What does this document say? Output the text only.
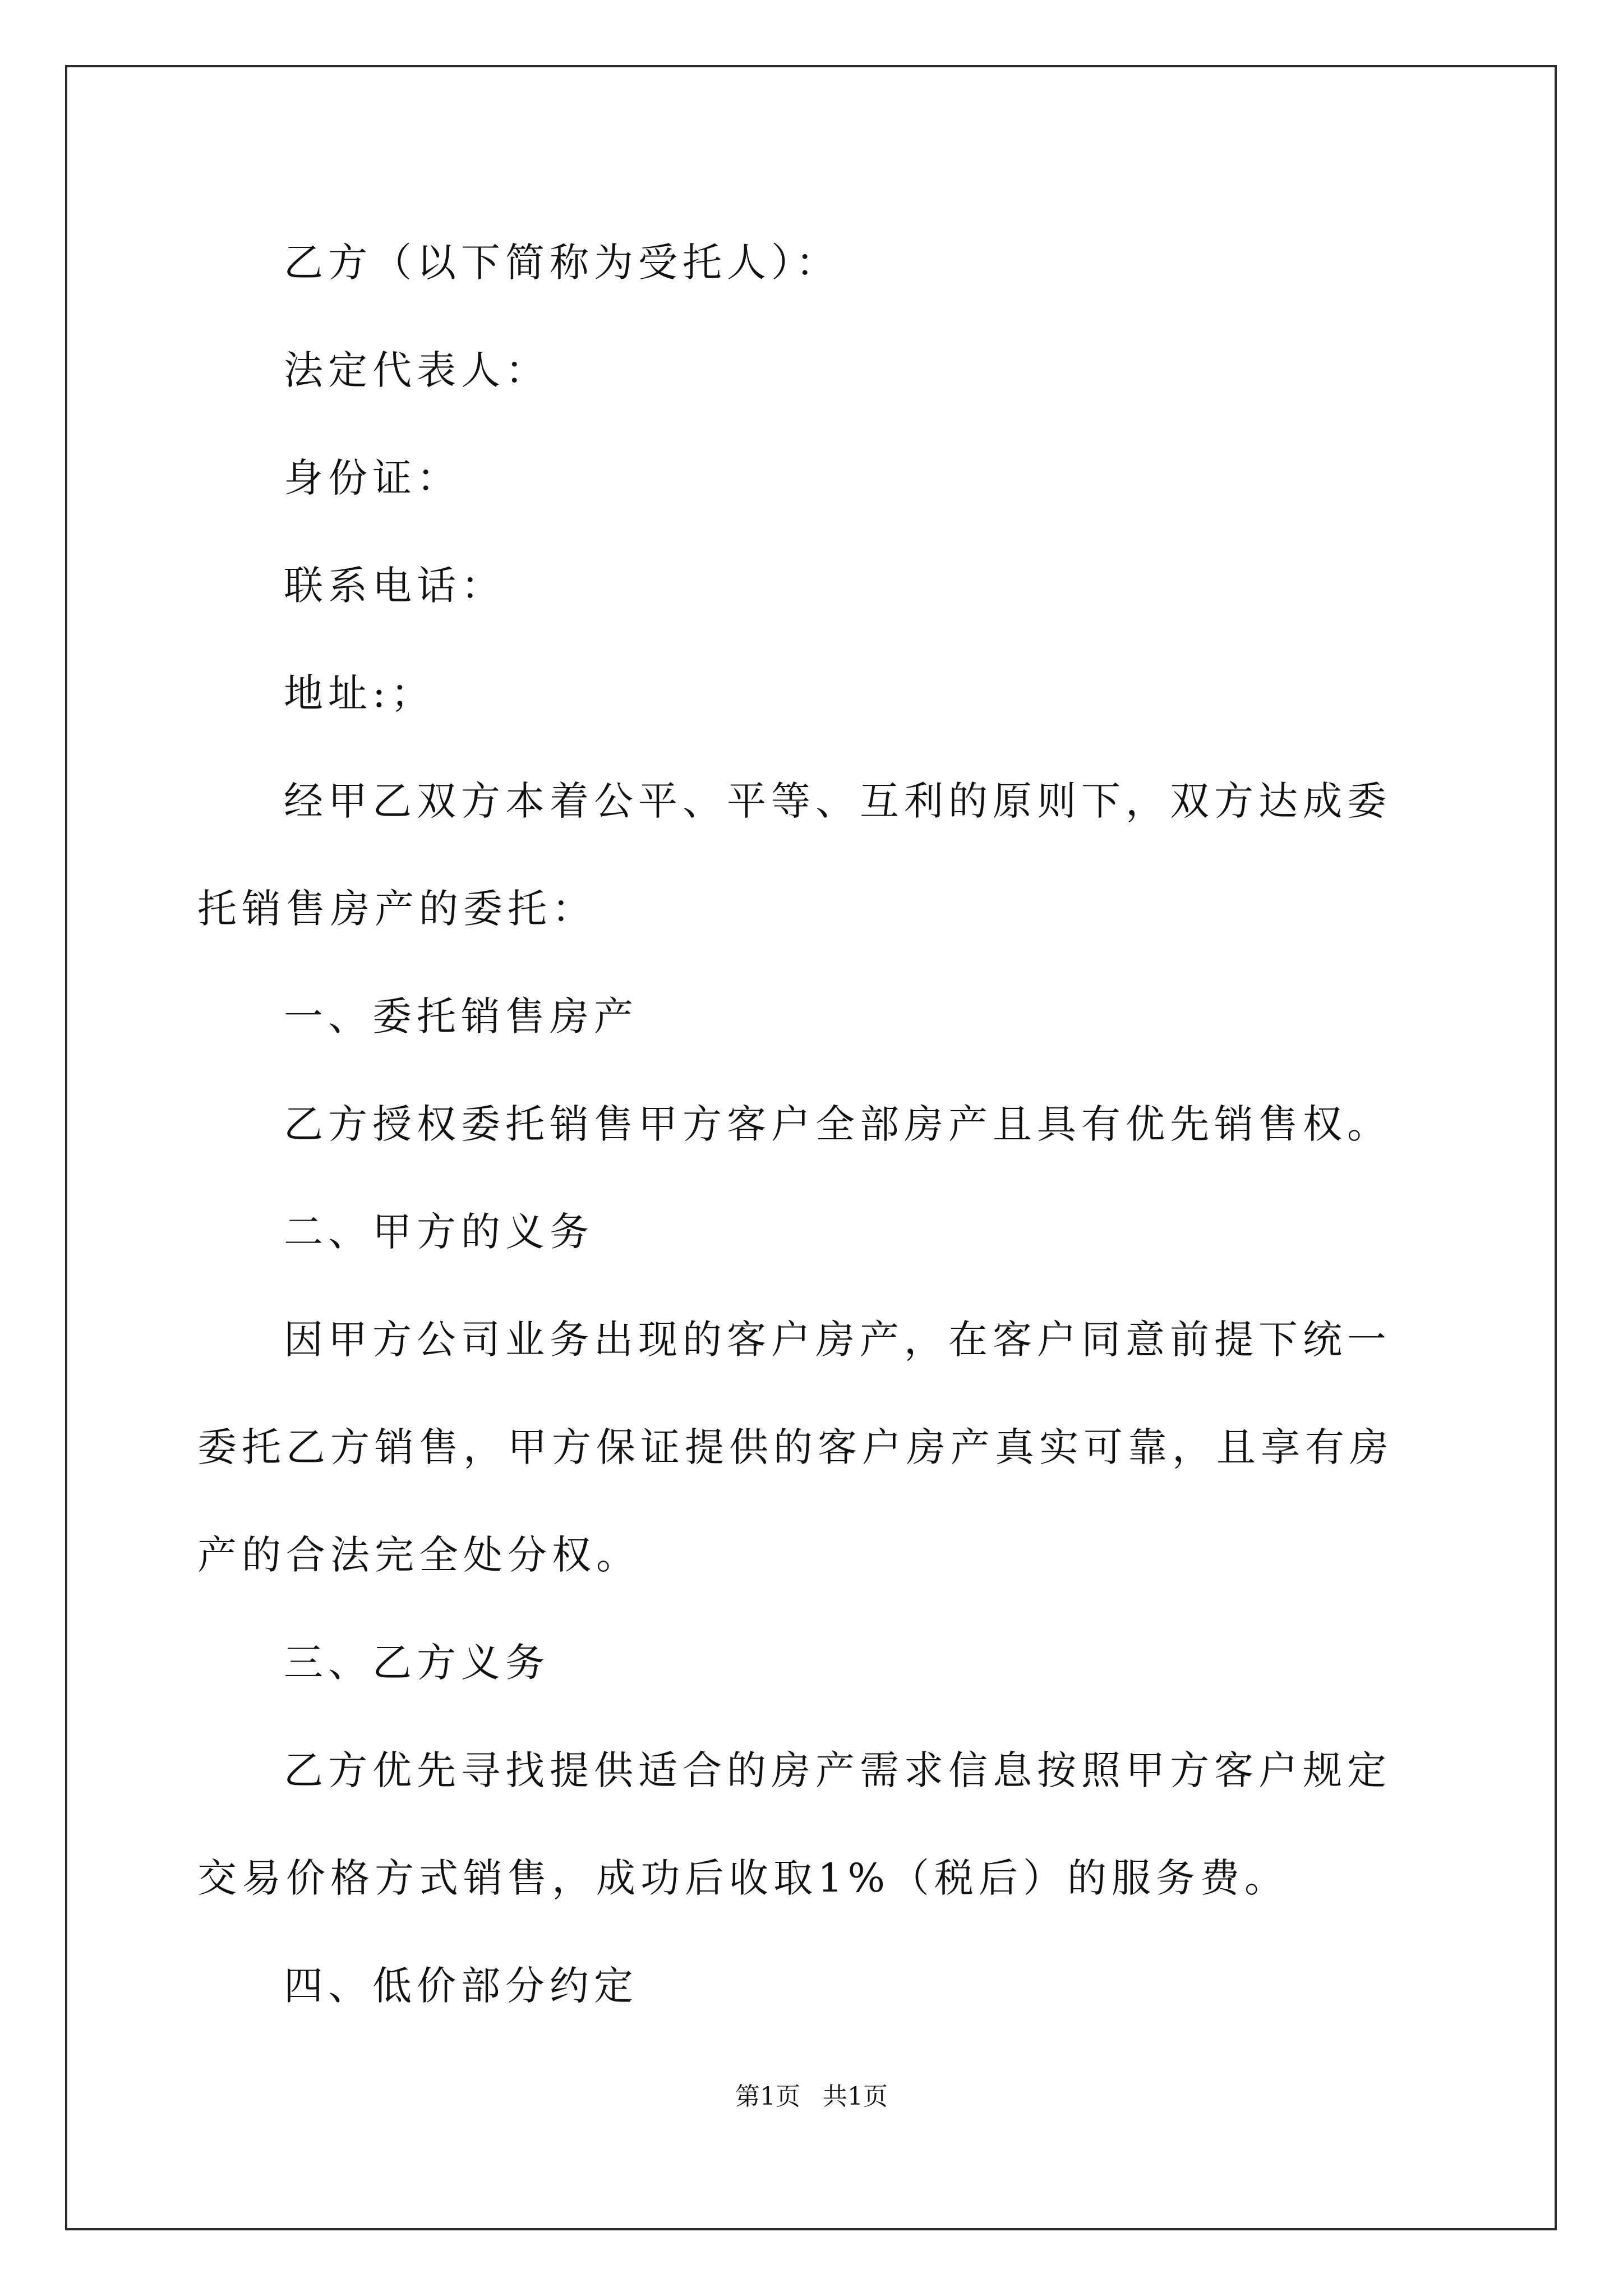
乙方（以下简称为受托人）：

法定代表人：

身份证：

联系电话：

地址:；

经甲乙双方本着公平、平等、互利的原则下，双方达成委托销售房产的委托：

一、委托销售房产

乙方授权委托销售甲方客户全部房产且具有优先销售权。

二、甲方的义务

因甲方公司业务出现的客户房产，在客户同意前提下统一委托乙方销售，甲方保证提供的客户房产真实可靠，且享有房产的合法完全处分权。

三、乙方义务

乙方优先寻找提供适合的房产需求信息按照甲方客户规定交易价格方式销售，成功后收取1%（税后）的服务费。

四、低价部分约定

第1页 共1页
